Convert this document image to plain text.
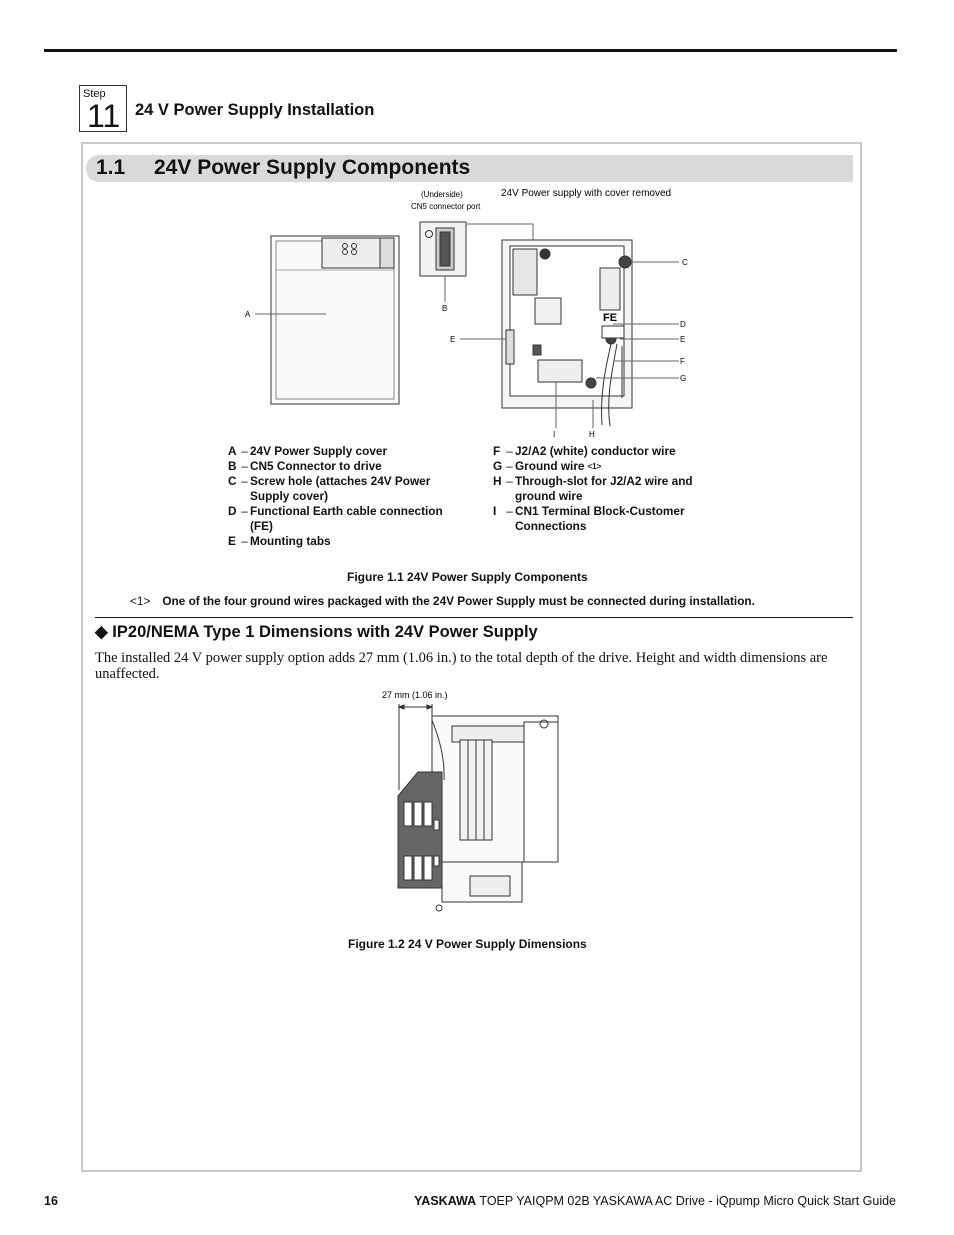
Step
11 24 V Power Supply Installation
1.1 24V Power Supply Components
(Underside)
CN5 connector port
24V Power supply with cover removed
A
B
C
D
E
E
F
G
H
I
FE
A – 24V Power Supply cover
B – CN5 Connector to drive
C – Screw hole (attaches 24V Power
Supply cover)
D – Functional Earth cable connection
(FE)
E – Mounting tabs
F – J2/A2 (white) conductor wire
G – Ground wire <1>
H – Through-slot for J2/A2 wire and
ground wire
I – CN1 Terminal Block-Customer
Connections
Figure 1.1 24V Power Supply Components
<1> One of the four ground wires packaged with the 24V Power Supply must be connected during installation.
◆ IP20/NEMA Type 1 Dimensions with 24V Power Supply
The installed 24 V power supply option adds 27 mm (1.06 in.) to the total depth of the drive. Height and width dimensions are unaffected.
27 mm (1.06 in.)
Figure 1.2 24 V Power Supply Dimensions
16	YASKAWA TOEP YAIQPM 02B YASKAWA AC Drive - iQpump Micro Quick Start Guide
